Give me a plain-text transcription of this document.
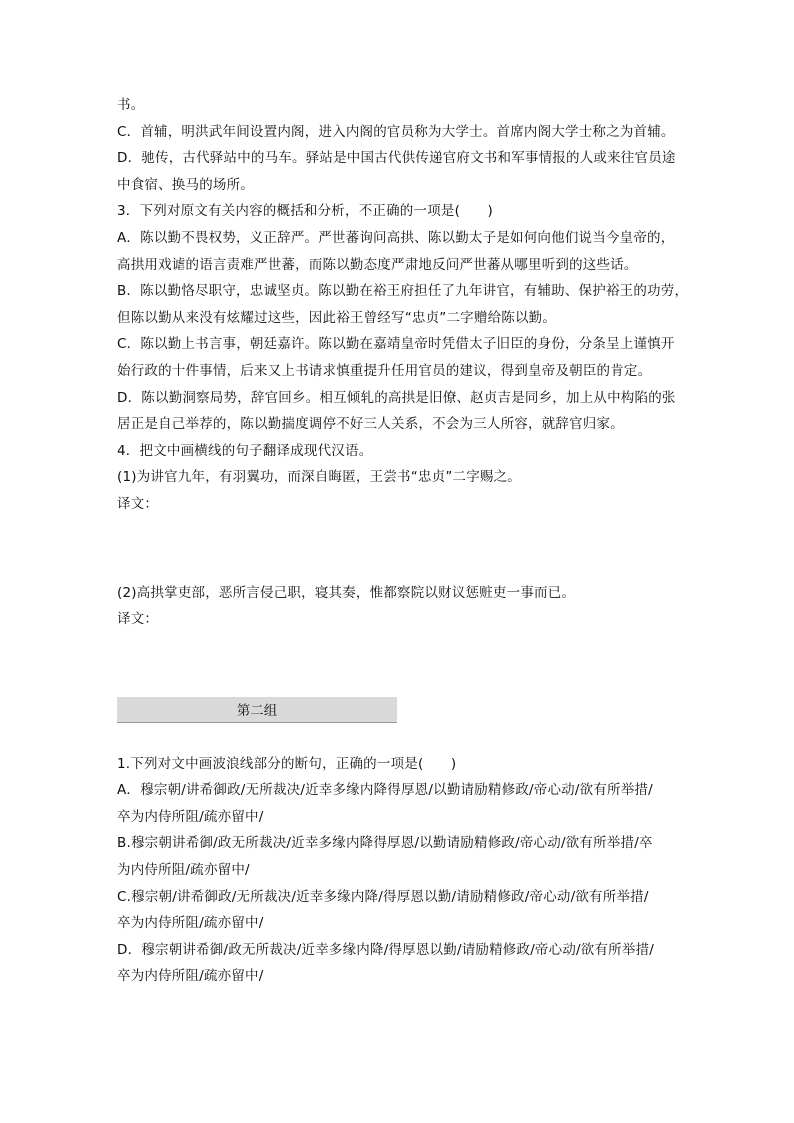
书。
C．首辅，明洪武年间设置内阁，进入内阁的官员称为大学士。首席内阁大学士称之为首辅。
D．驰传，古代驿站中的马车。驿站是中国古代供传递官府文书和军事情报的人或来往官员途
中食宿、换马的场所。
3．下列对原文有关内容的概括和分析，不正确的一项是(　　)
A．陈以勤不畏权势，义正辞严。严世蕃询问高拱、陈以勤太子是如何向他们说当今皇帝的，
高拱用戏谑的语言责难严世蕃，而陈以勤态度严肃地反问严世蕃从哪里听到的这些话。
B．陈以勤恪尽职守，忠诚坚贞。陈以勤在裕王府担任了九年讲官，有辅助、保护裕王的功劳，
但陈以勤从来没有炫耀过这些，因此裕王曾经写“忠贞”二字赠给陈以勤。
C．陈以勤上书言事，朝廷嘉许。陈以勤在嘉靖皇帝时凭借太子旧臣的身份，分条呈上谨慎开
始行政的十件事情，后来又上书请求慎重提升任用官员的建议，得到皇帝及朝臣的肯定。
D．陈以勤洞察局势，辞官回乡。相互倾轧的高拱是旧僚、赵贞吉是同乡，加上从中构陷的张
居正是自己举荐的，陈以勤揣度调停不好三人关系，不会为三人所容，就辞官归家。
4．把文中画横线的句子翻译成现代汉语。
(1)为讲官九年，有羽翼功，而深自晦匿，王尝书“忠贞”二字赐之。
译文：
(2)高拱掌吏部，恶所言侵己职，寝其奏，惟都察院以财议惩赃吏一事而已。
译文：
第二组
1.下列对文中画波浪线部分的断句，正确的一项是(　　)
A．穆宗朝/讲希御政/无所裁决/近幸多缘内降得厚恩/以勤请励精修政/帝心动/欲有所举措/
卒为内侍所阻/疏亦留中/
B.穆宗朝讲希御/政无所裁决/近幸多缘内降得厚恩/以勤请励精修政/帝心动/欲有所举措/卒
为内侍所阻/疏亦留中/
C.穆宗朝/讲希御政/无所裁决/近幸多缘内降/得厚恩以勤/请励精修政/帝心动/欲有所举措/
卒为内侍所阻/疏亦留中/
D．穆宗朝讲希御/政无所裁决/近幸多缘内降/得厚恩以勤/请励精修政/帝心动/欲有所举措/
卒为内侍所阻/疏亦留中/
